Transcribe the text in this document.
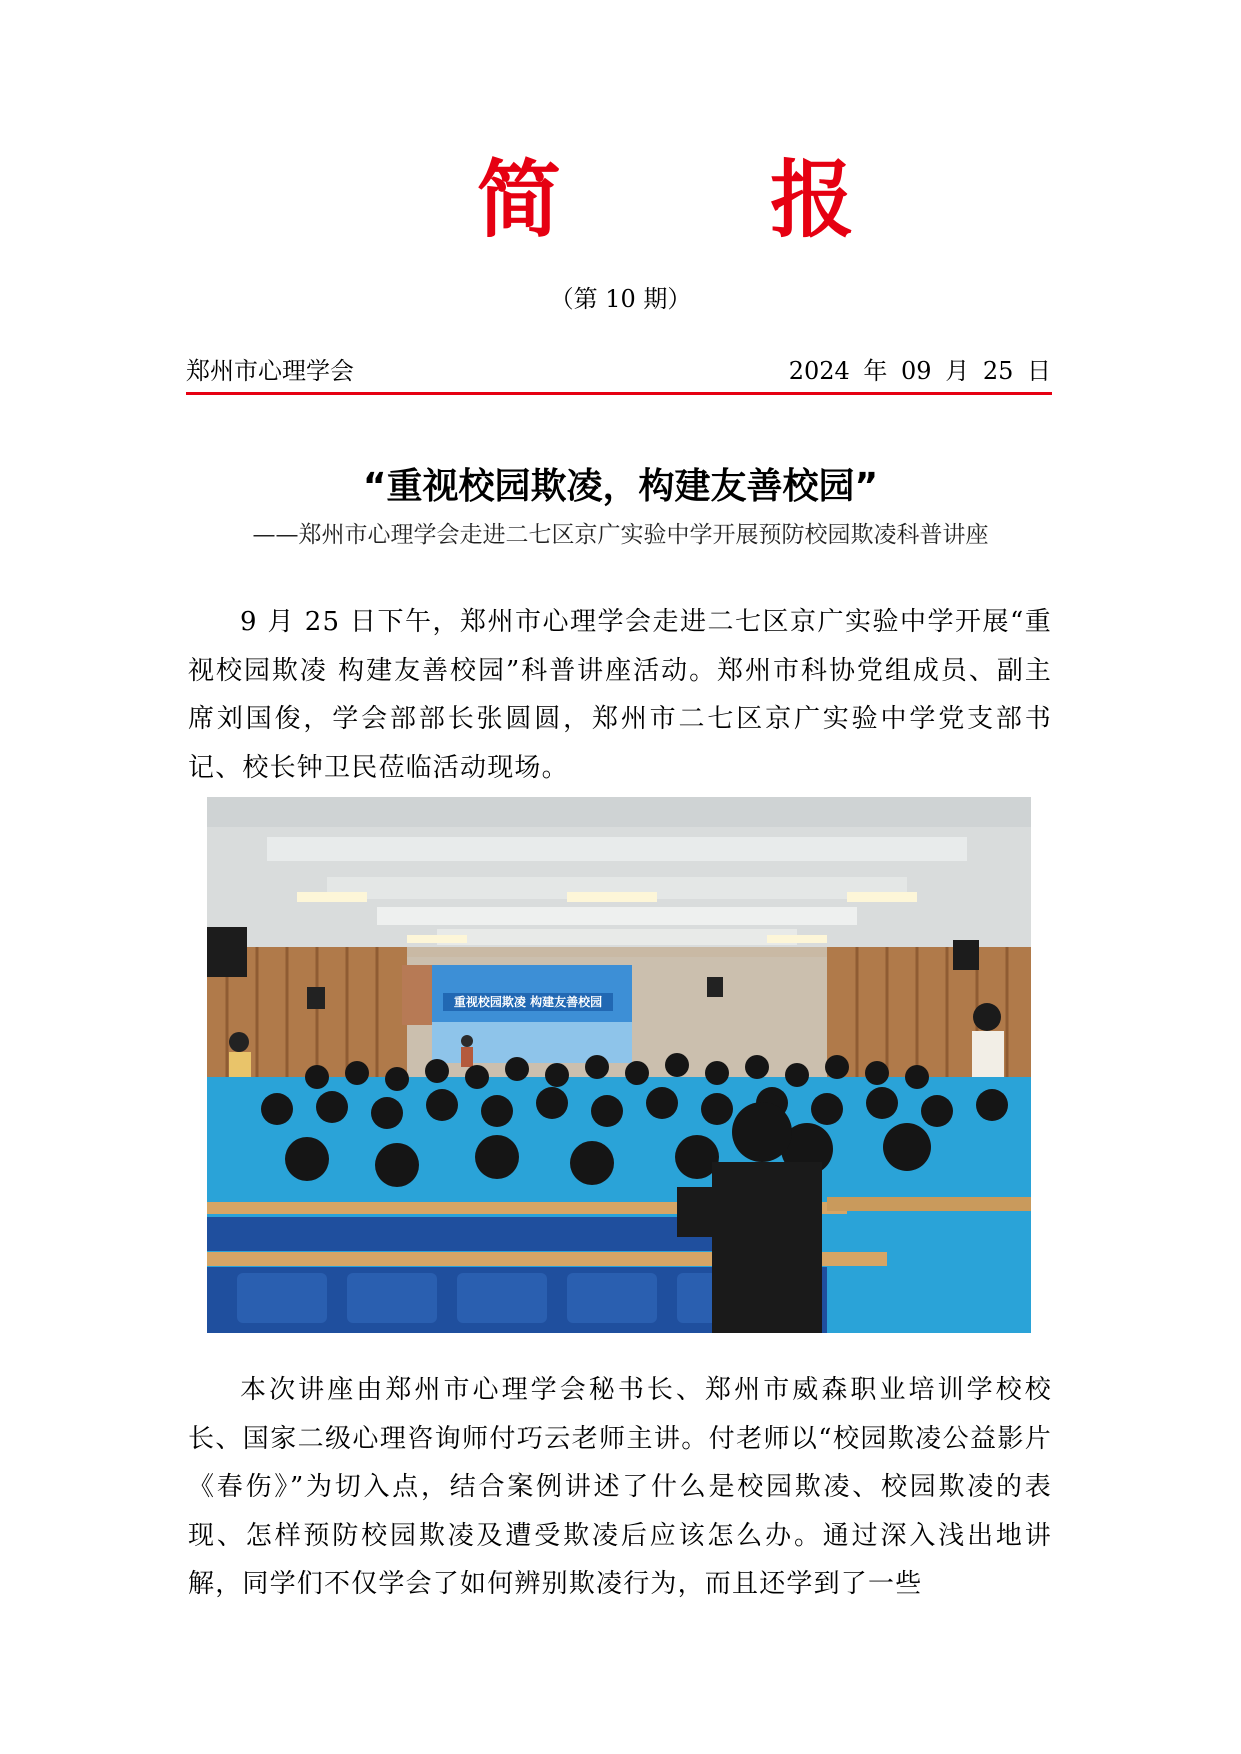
简 报
（第 10 期）
郑州市心理学会	2024 年 09 月 25 日
“重视校园欺凌，构建友善校园”
——郑州市心理学会走进二七区京广实验中学开展预防校园欺凌科普讲座

9 月 25 日下午，郑州市心理学会走进二七区京广实验中学开展“重视校园欺凌 构建友善校园”科普讲座活动。郑州市科协党组成员、副主席刘国俊，学会部部长张圆圆，郑州市二七区京广实验中学党支部书记、校长钟卫民莅临活动现场。

重视校园欺凌 构建友善校园

本次讲座由郑州市心理学会秘书长、郑州市威森职业培训学校校长、国家二级心理咨询师付巧云老师主讲。付老师以“校园欺凌公益影片《春伤》”为切入点，结合案例讲述了什么是校园欺凌、校园欺凌的表现、怎样预防校园欺凌及遭受欺凌后应该怎么办。通过深入浅出地讲解，同学们不仅学会了如何辨别欺凌行为，而且还学到了一些
